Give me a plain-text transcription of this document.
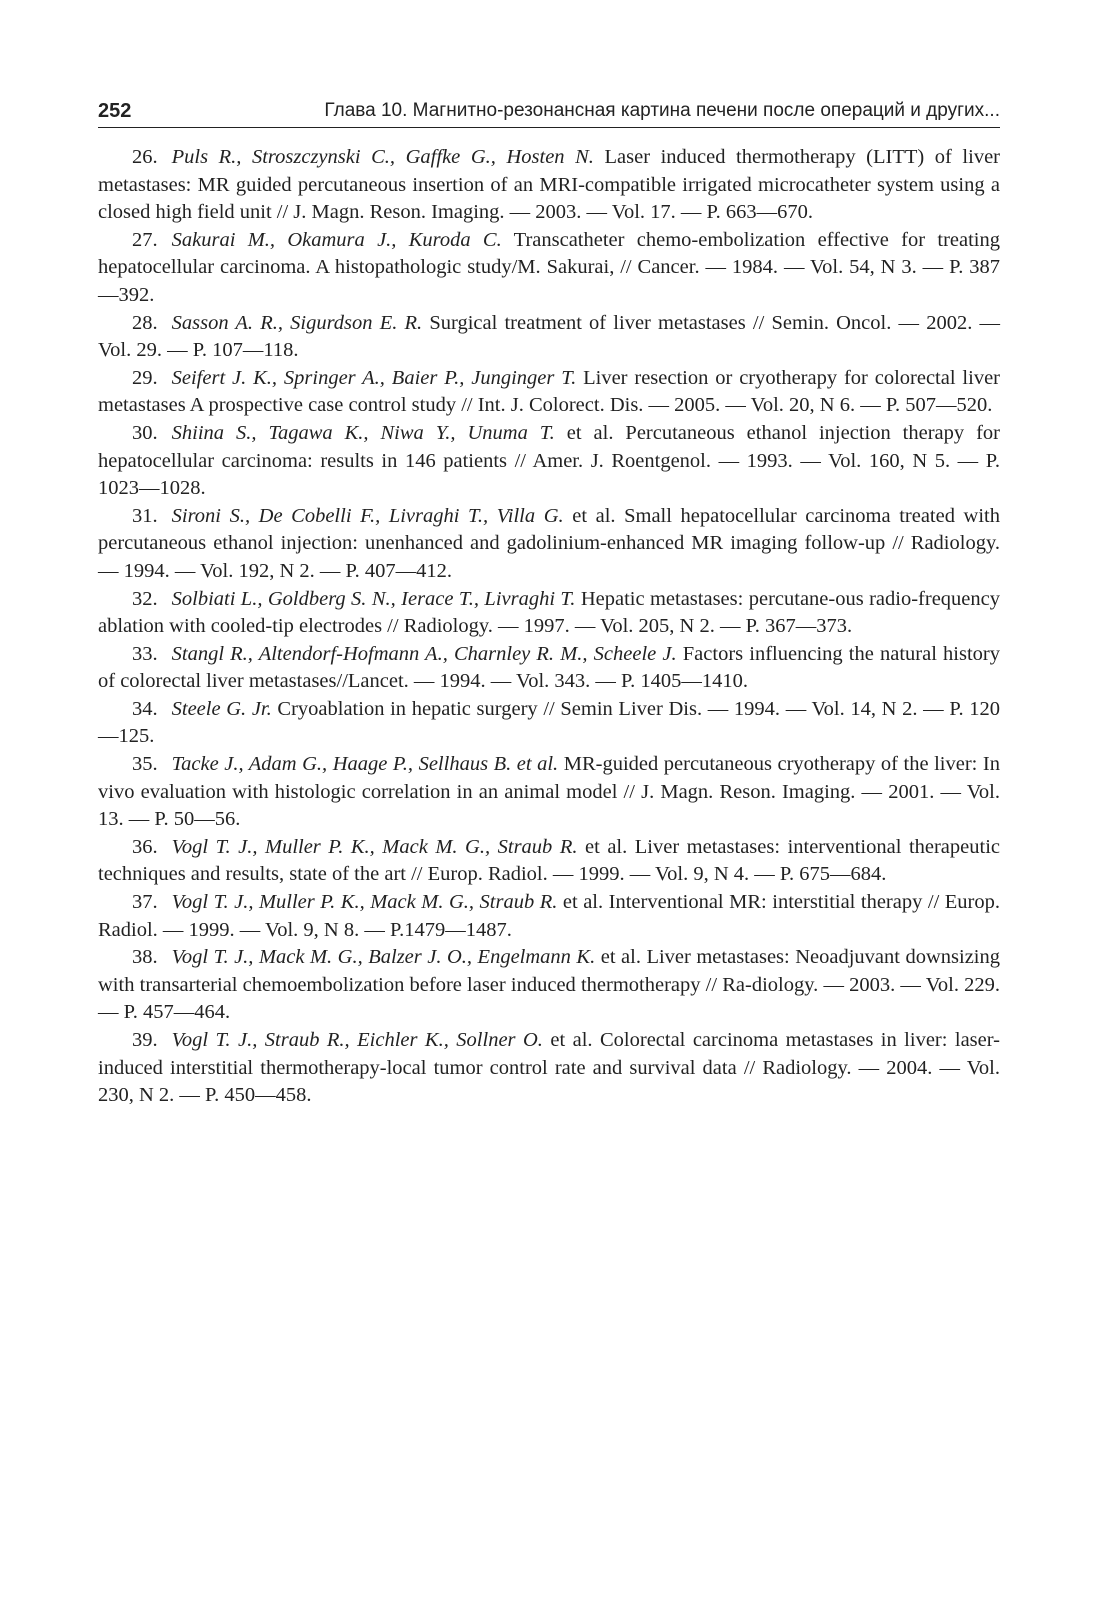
252	Глава 10. Магнитно-резонансная картина печени после операций и других...

26. Puls R., Stroszczynski C., Gaffke G., Hosten N. Laser induced thermotherapy (LITT) of liver metastases: MR guided percutaneous insertion of an MRI-compatible irrigated microcatheter system using a closed high field unit // J. Magn. Reson. Imaging. — 2003. — Vol. 17. — P. 663—670.

27. Sakurai M., Okamura J., Kuroda C. Transcatheter chemo-embolization effective for treating hepatocellular carcinoma. A histopathologic study/M. Sakurai, // Cancer. — 1984. — Vol. 54, N 3. — P. 387—392.

28. Sasson A. R., Sigurdson E. R. Surgical treatment of liver metastases // Semin. Oncol. — 2002. — Vol. 29. — P. 107—118.

29. Seifert J. K., Springer A., Baier P., Junginger T. Liver resection or cryotherapy for colorectal liver metastases A prospective case control study // Int. J. Colorect. Dis. — 2005. — Vol. 20, N 6. — P. 507—520.

30. Shiina S., Tagawa K., Niwa Y., Unuma T. et al. Percutaneous ethanol injection therapy for hepatocellular carcinoma: results in 146 patients // Amer. J. Roentgenol. — 1993. — Vol. 160, N 5. — P. 1023—1028.

31. Sironi S., De Cobelli F., Livraghi T., Villa G. et al. Small hepatocellular carcinoma treated with percutaneous ethanol injection: unenhanced and gadolinium-enhanced MR imaging follow-up // Radiology. — 1994. — Vol. 192, N 2. — P. 407—412.

32. Solbiati L., Goldberg S. N., Ierace T., Livraghi T. Hepatic metastases: percutane-ous radio-frequency ablation with cooled-tip electrodes // Radiology. — 1997. — Vol. 205, N 2. — P. 367—373.

33. Stangl R., Altendorf-Hofmann A., Charnley R. M., Scheele J. Factors influencing the natural history of colorectal liver metastases//Lancet. — 1994. — Vol. 343. — P. 1405—1410.

34. Steele G. Jr. Cryoablation in hepatic surgery // Semin Liver Dis. — 1994. — Vol. 14, N 2. — P. 120—125.

35. Tacke J., Adam G., Haage P., Sellhaus B. et al. MR-guided percutaneous cryotherapy of the liver: In vivo evaluation with histologic correlation in an animal model // J. Magn. Reson. Imaging. — 2001. — Vol. 13. — P. 50—56.

36. Vogl T. J., Muller P. K., Mack M. G., Straub R. et al. Liver metastases: interventional therapeutic techniques and results, state of the art // Europ. Radiol. — 1999. — Vol. 9, N 4. — P. 675—684.

37. Vogl T. J., Muller P. K., Mack M. G., Straub R. et al. Interventional MR: interstitial therapy // Europ. Radiol. — 1999. — Vol. 9, N 8. — P.1479—1487.

38. Vogl T. J., Mack M. G., Balzer J. O., Engelmann K. et al. Liver metastases: Neoadjuvant downsizing with transarterial chemoembolization before laser induced thermotherapy // Ra-diology. — 2003. — Vol. 229. — P. 457—464.

39. Vogl T. J., Straub R., Eichler K., Sollner O. et al. Colorectal carcinoma metastases in liver: laser-induced interstitial thermotherapy-local tumor control rate and survival data // Radiology. — 2004. — Vol. 230, N 2. — P. 450—458.
